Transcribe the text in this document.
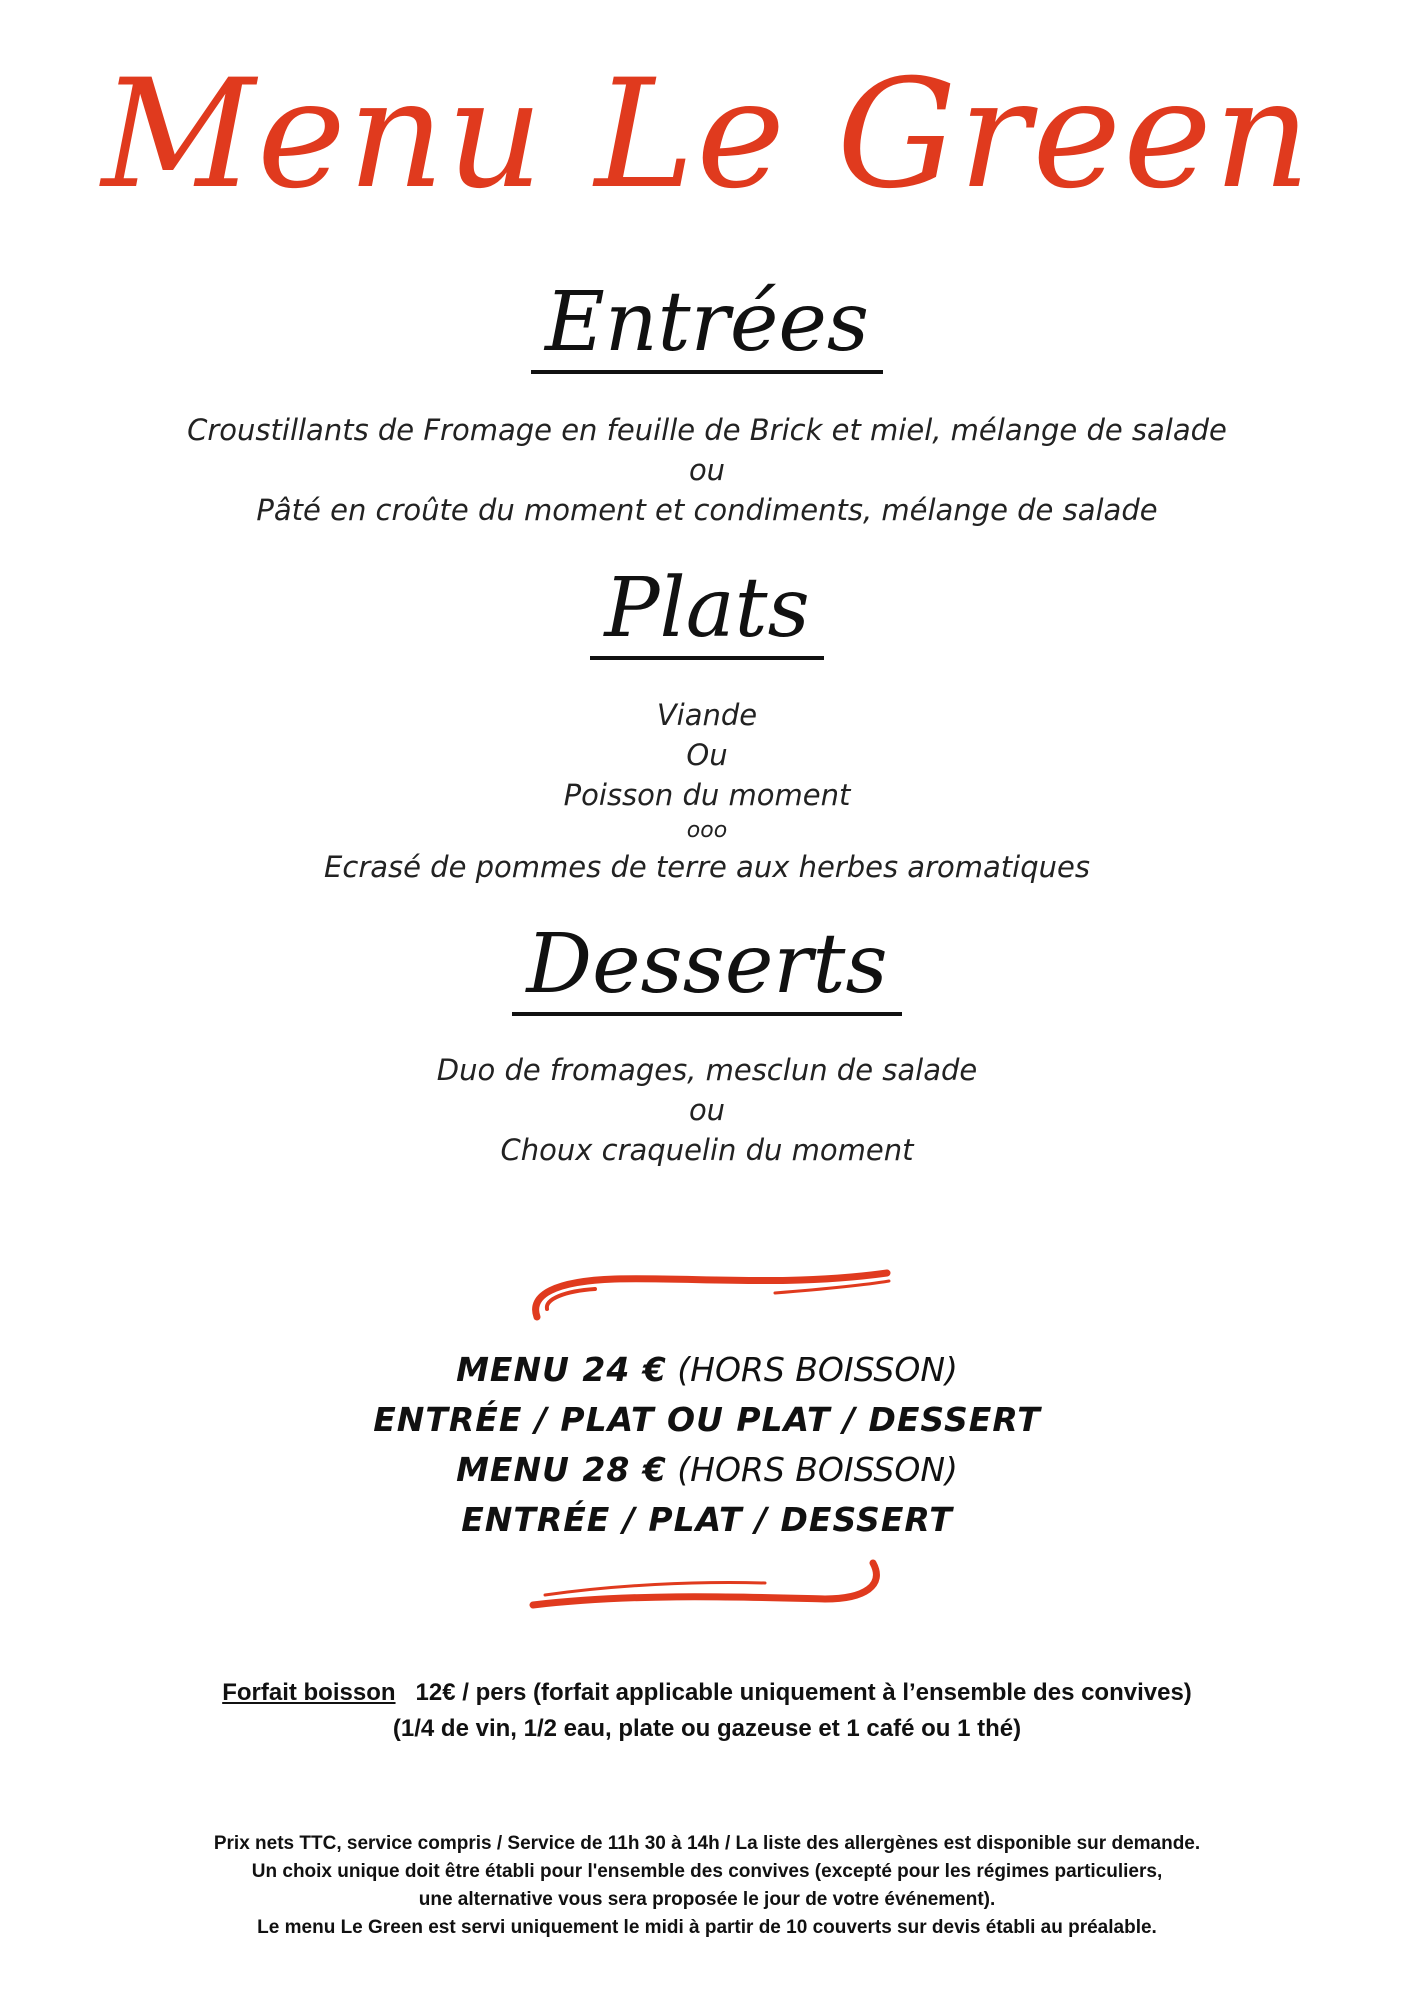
Menu Le Green
Entrées
Croustillants de Fromage en feuille de Brick et miel, mélange de salade
ou
Pâté en croûte du moment et condiments, mélange de salade
Plats
Viande
Ou
Poisson du moment
ooo
Ecrasé de pommes de terre aux herbes aromatiques
Desserts
Duo de fromages, mesclun de salade
ou
Choux craquelin du moment
MENU 24 € (HORS BOISSON)
ENTRÉE / PLAT OU PLAT / DESSERT
MENU 28 € (HORS BOISSON)
ENTRÉE / PLAT / DESSERT
Forfait boisson 12€ / pers (forfait applicable uniquement à l’ensemble des convives)
(1/4 de vin, 1/2 eau, plate ou gazeuse et 1 café ou 1 thé)
Prix nets TTC, service compris / Service de 11h 30 à 14h / La liste des allergènes est disponible sur demande.
Un choix unique doit être établi pour l'ensemble des convives (excepté pour les régimes particuliers,
une alternative vous sera proposée le jour de votre événement).
Le menu Le Green est servi uniquement le midi à partir de 10 couverts sur devis établi au préalable.
